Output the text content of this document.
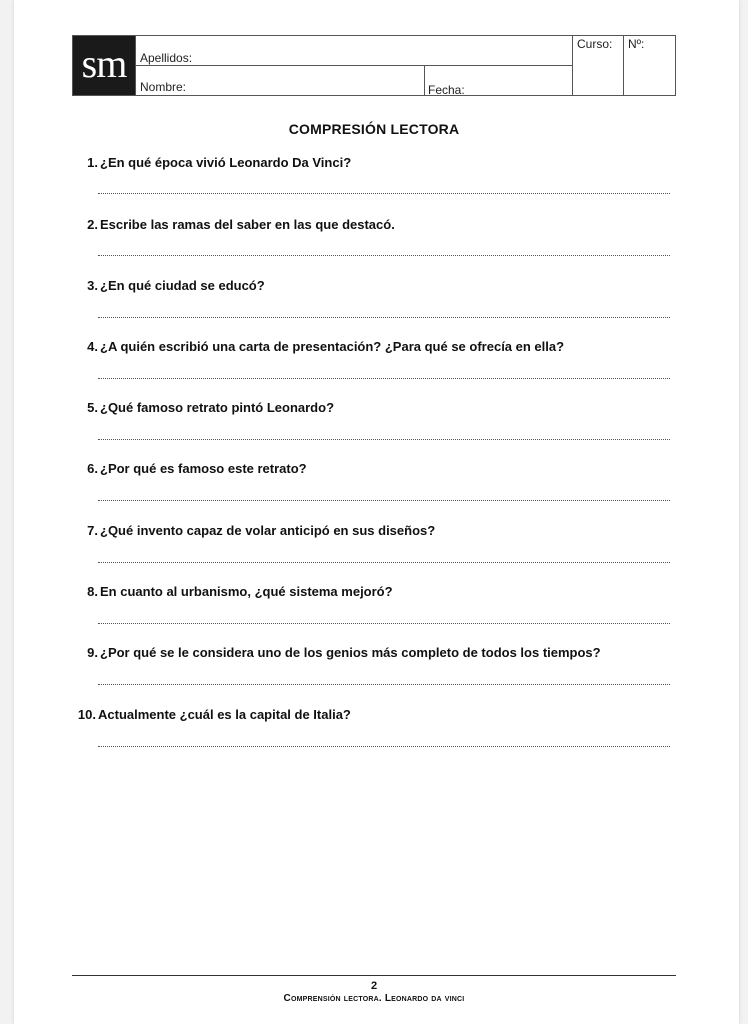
sm Apellidos:
Nombre:	Fecha:
Curso: Nº:
COMPRESIÓN LECTORA
1. ¿En qué época vivió Leonardo Da Vinci?
2. Escribe las ramas del saber en las que destacó.
3. ¿En qué ciudad se educó?
4. ¿A quién escribió una carta de presentación? ¿Para qué se ofrecía en ella?
5. ¿Qué famoso retrato pintó Leonardo?
6. ¿Por qué es famoso este retrato?
7. ¿Qué invento capaz de volar anticipó en sus diseños?
8. En cuanto al urbanismo, ¿qué sistema mejoró?
9. ¿Por qué se le considera uno de los genios más completo de todos los tiempos?
10. Actualmente ¿cuál es la capital de Italia?
2
Comprensión lectora. Leonardo da vinci
